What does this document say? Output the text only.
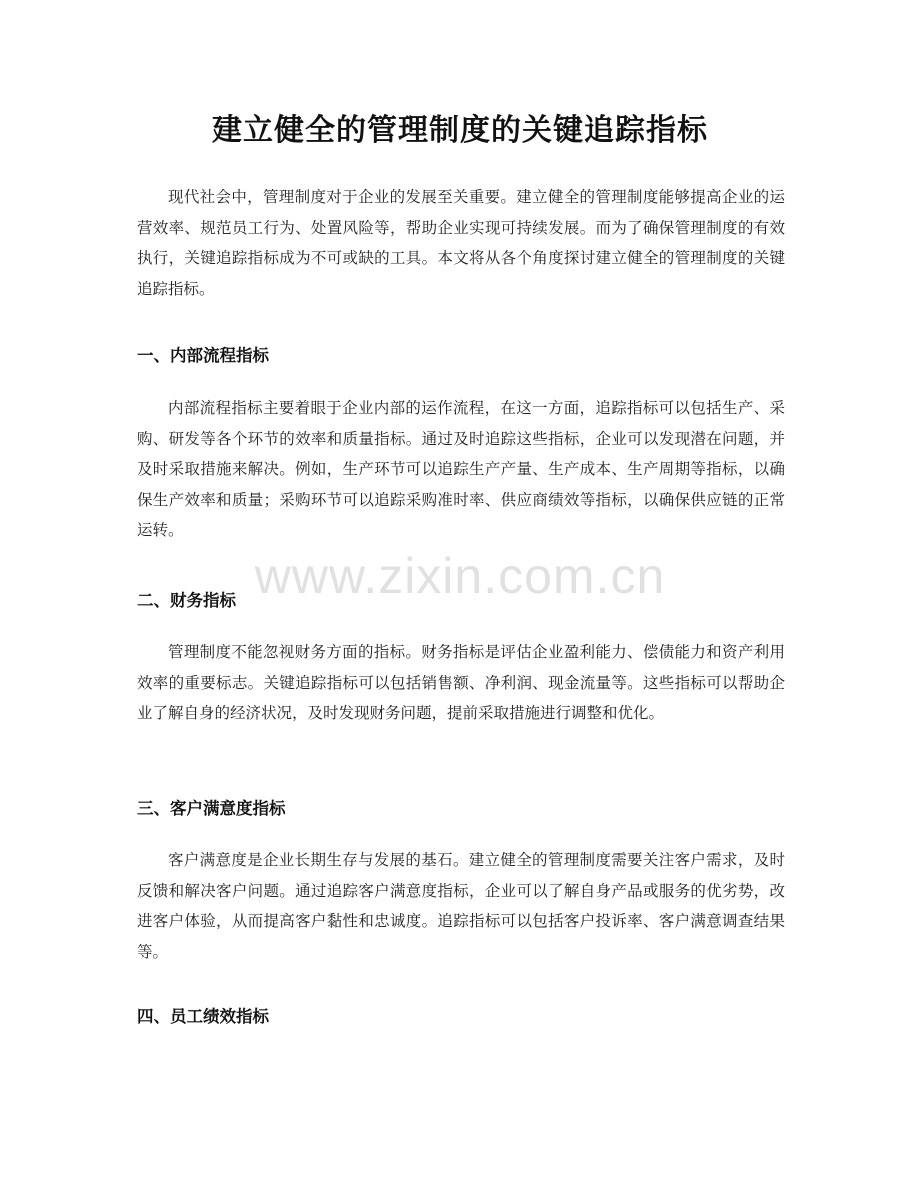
建立健全的管理制度的关键追踪指标

现代社会中，管理制度对于企业的发展至关重要。建立健全的管理制度能够提高企业的运营效率、规范员工行为、处置风险等，帮助企业实现可持续发展。而为了确保管理制度的有效执行，关键追踪指标成为不可或缺的工具。本文将从各个角度探讨建立健全的管理制度的关键追踪指标。

一、内部流程指标

内部流程指标主要着眼于企业内部的运作流程，在这一方面，追踪指标可以包括生产、采购、研发等各个环节的效率和质量指标。通过及时追踪这些指标，企业可以发现潜在问题，并及时采取措施来解决。例如，生产环节可以追踪生产产量、生产成本、生产周期等指标，以确保生产效率和质量；采购环节可以追踪采购准时率、供应商绩效等指标，以确保供应链的正常运转。

二、财务指标

管理制度不能忽视财务方面的指标。财务指标是评估企业盈利能力、偿债能力和资产利用效率的重要标志。关键追踪指标可以包括销售额、净利润、现金流量等。这些指标可以帮助企业了解自身的经济状况，及时发现财务问题，提前采取措施进行调整和优化。

三、客户满意度指标

客户满意度是企业长期生存与发展的基石。建立健全的管理制度需要关注客户需求，及时反馈和解决客户问题。通过追踪客户满意度指标，企业可以了解自身产品或服务的优劣势，改进客户体验，从而提高客户黏性和忠诚度。追踪指标可以包括客户投诉率、客户满意调查结果等。

四、员工绩效指标
www.zixin.com.cn
